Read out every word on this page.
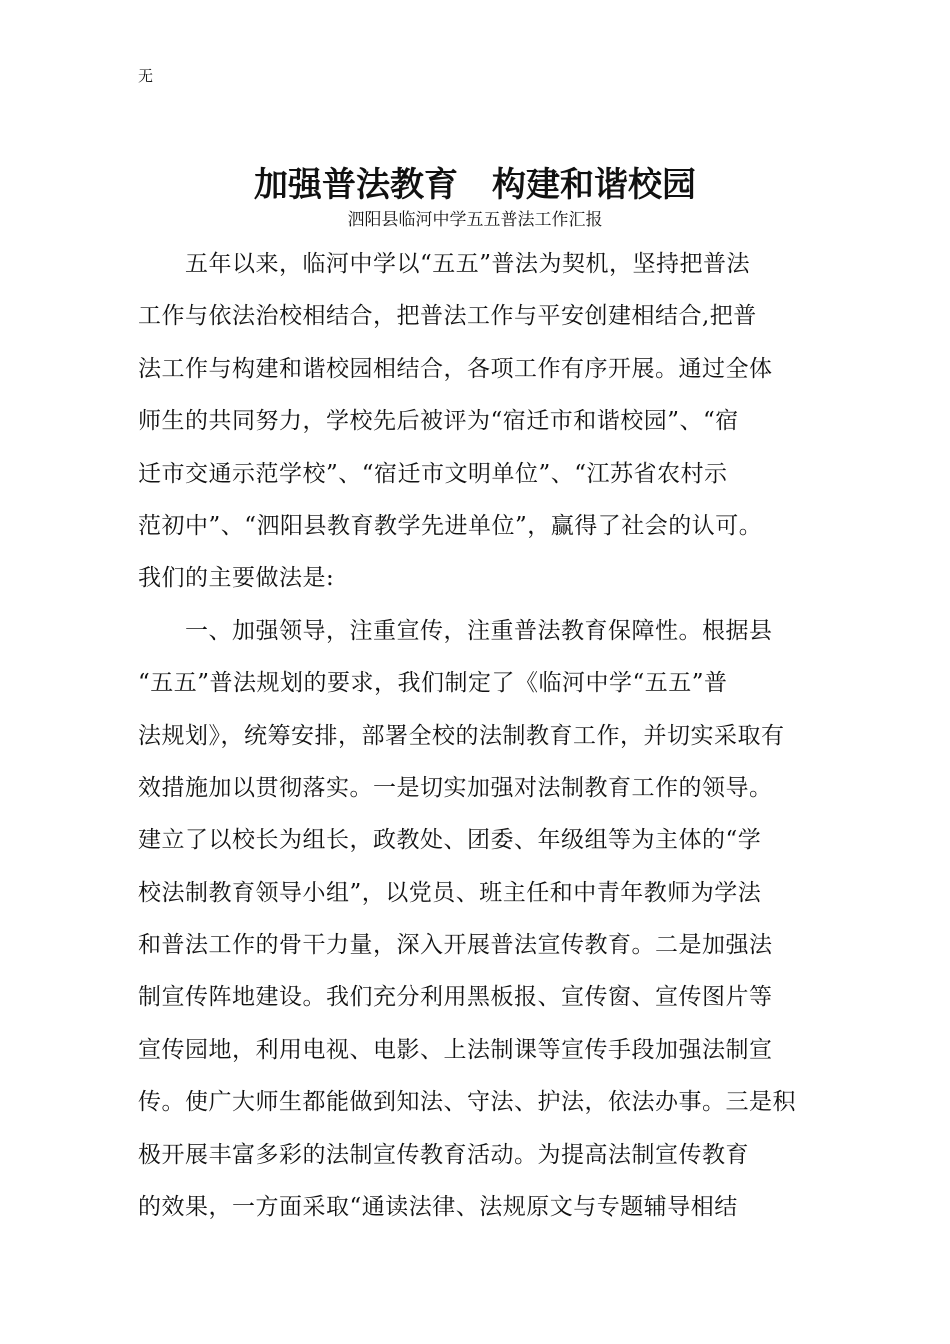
无
加强普法教育　构建和谐校园
泗阳县临河中学五五普法工作汇报
　　五年以来，临河中学以“五五”普法为契机，坚持把普法
工作与依法治校相结合，把普法工作与平安创建相结合,把普
法工作与构建和谐校园相结合，各项工作有序开展。通过全体
师生的共同努力，学校先后被评为“宿迁市和谐校园”、“宿
迁市交通示范学校”、“宿迁市文明单位”、“江苏省农村示
范初中”、“泗阳县教育教学先进单位”，赢得了社会的认可。
我们的主要做法是:
　　一、加强领导，注重宣传，注重普法教育保障性。根据县
“五五”普法规划的要求，我们制定了《临河中学“五五”普
法规划》，统筹安排，部署全校的法制教育工作，并切实采取有
效措施加以贯彻落实。一是切实加强对法制教育工作的领导。
建立了以校长为组长，政教处、团委、年级组等为主体的“学
校法制教育领导小组”，以党员、班主任和中青年教师为学法
和普法工作的骨干力量，深入开展普法宣传教育。二是加强法
制宣传阵地建设。我们充分利用黑板报、宣传窗、宣传图片等
宣传园地，利用电视、电影、上法制课等宣传手段加强法制宣
传。使广大师生都能做到知法、守法、护法，依法办事。三是积
极开展丰富多彩的法制宣传教育活动。为提高法制宣传教育
的效果，一方面采取“通读法律、法规原文与专题辅导相结
